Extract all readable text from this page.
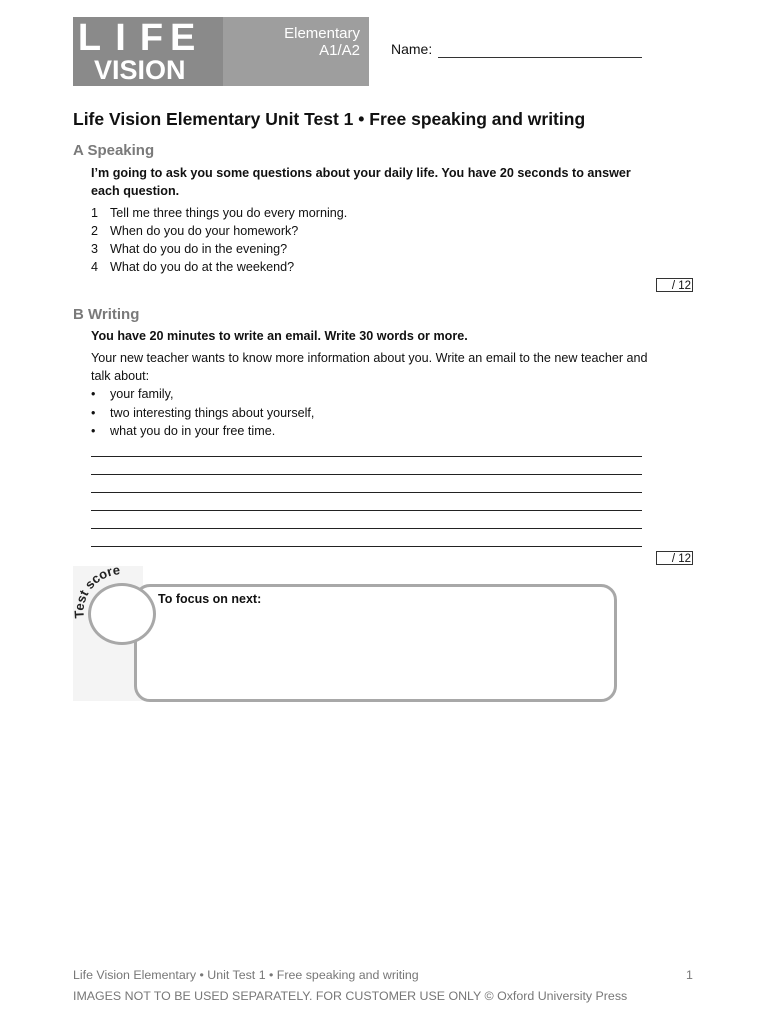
L I F E
VISION
Elementary
A1/A2 Name:
Life Vision Elementary Unit Test 1 • Free speaking and writing
A Speaking
I’m going to ask you some questions about your daily life. You have 20 seconds to answer
each question.
1 Tell me three things you do every morning.
2 When do you do your homework?
3 What do you do in the evening?
4 What do you do at the weekend?
/ 12
B Writing
You have 20 minutes to write an email. Write 30 words or more.
Your new teacher wants to know more information about you. Write an email to the new teacher and
talk about:
• your family,
• two interesting things about yourself,
• what you do in your free time.
/ 12
Test score
To focus on next:
Life Vision Elementary • Unit Test 1 • Free speaking and writing	1
IMAGES NOT TO BE USED SEPARATELY. FOR CUSTOMER USE ONLY © Oxford University Press
